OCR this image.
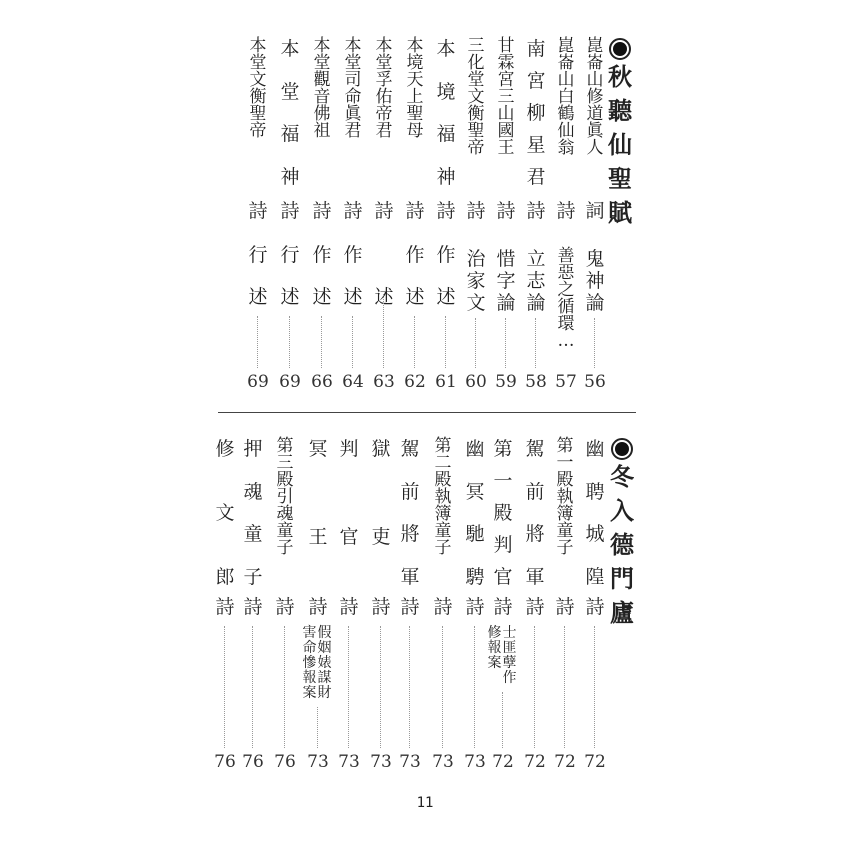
秋
聽
仙
聖
賦
崑
崙
山
修
道
眞
人
詞
鬼
神
論
56
崑
崙
山
白
鶴
仙
翁
詩
善
惡
之
循
環
…
57
南
宮
柳
星
君
詩
立
志
論
58
甘
霖
宮
三
山
國
王
詩
惜
字
論
59
三
化
堂
文
衡
聖
帝
詩
治
家
文
60
本
境
福
神
詩
作
述
61
本
境
天
上
聖
母
詩
作
述
62
本
堂
孚
佑
帝
君
詩
述
63
本
堂
司
命
眞
君
詩
作
述
64
本
堂
觀
音
佛
祖
詩
作
述
66
本
堂
福
神
詩
行
述
69
本
堂
文
衡
聖
帝
詩
行
述
69
冬
入
德
門
廬
幽
聘
城
隍
詩
72
第
一
殿
執
簿
童
子
詩
72
駕
前
將
軍
詩
72
第
一
殿
判
官
詩
士
匪
孽
作
修
報
案
72
幽
冥
馳
騁
詩
73
第
二
殿
執
簿
童
子
詩
73
駕
前
將
軍
詩
73
獄
吏
詩
73
判
官
詩
73
冥
王
詩
假
姻
婊
謀
財
害
命
慘
報
案
73
第
三
殿
引
魂
童
子
詩
76
押
魂
童
子
詩
76
修
文
郎
詩
76
11
